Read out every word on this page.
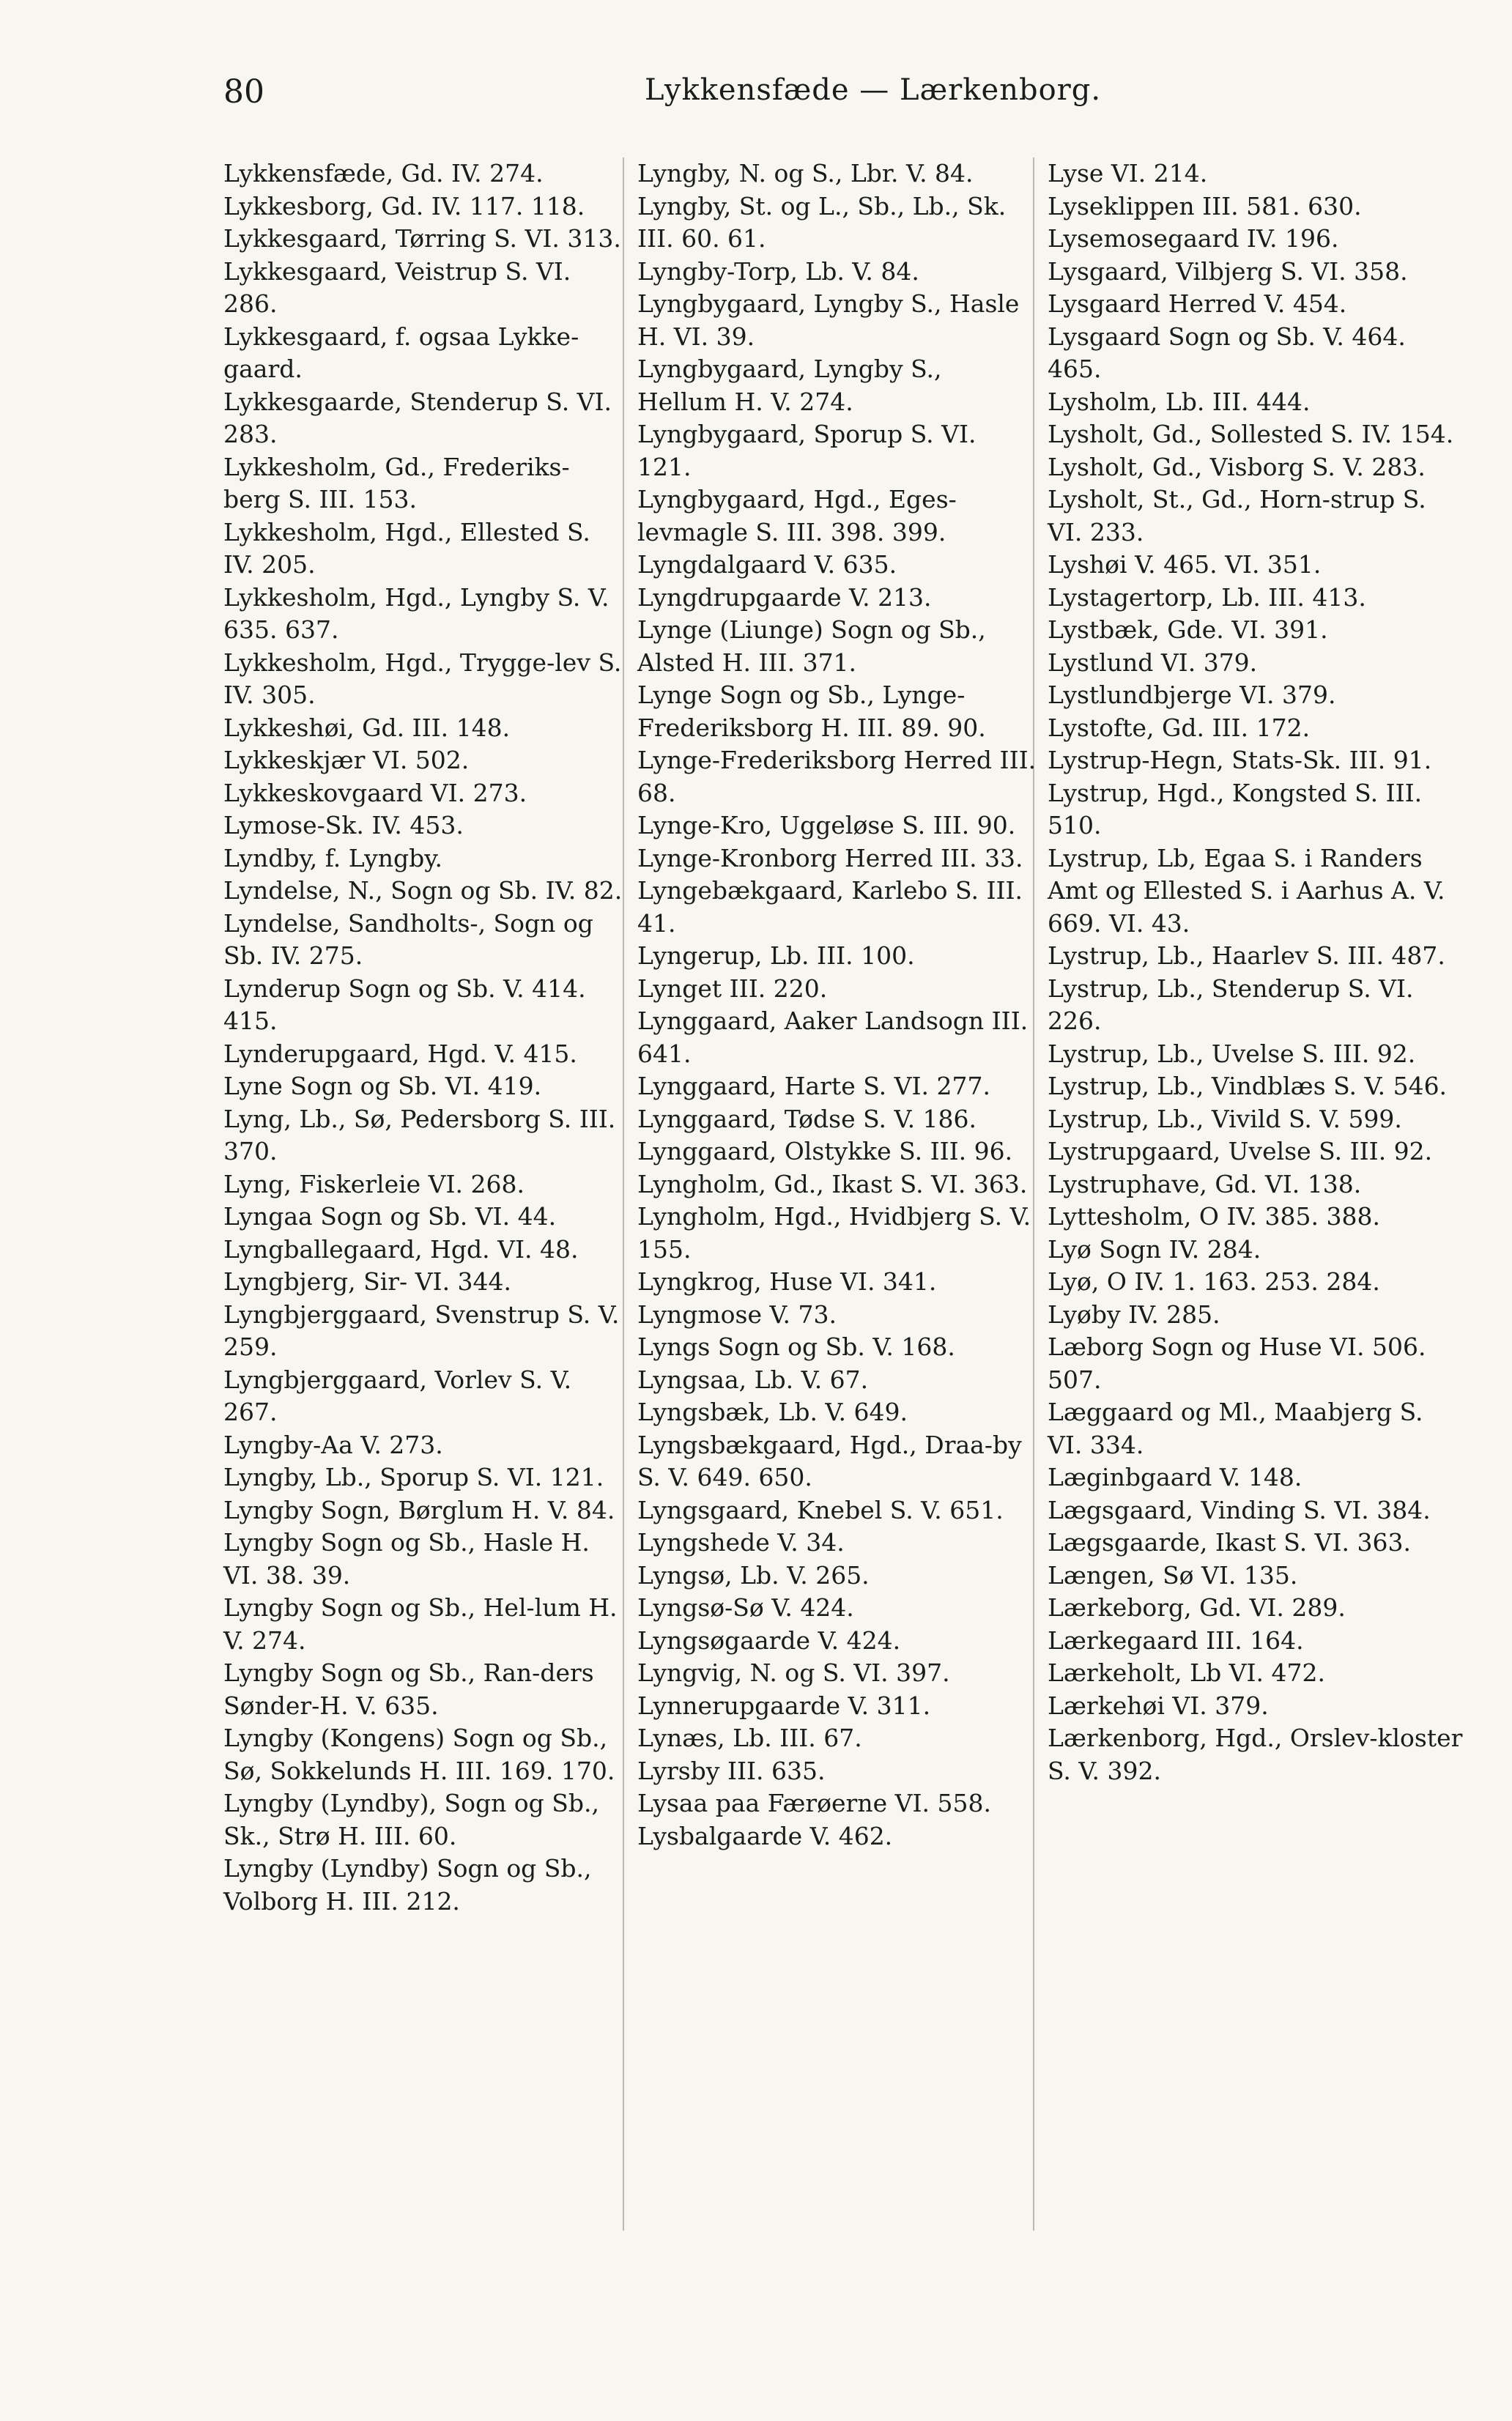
80	Lykkensfæde — Lærkenborg.

Lykkensfæde, Gd. IV. 274.

Lykkesborg, Gd. IV. 117. 118.

Lykkesgaard, Tørring S. VI. 313.

Lykkesgaard, Veistrup S. VI. 286.

Lykkesgaard, f. ogsaa Lykke-gaard.

Lykkesgaarde, Stenderup S. VI. 283.

Lykkesholm, Gd., Frederiks-berg S. III. 153.

Lykkesholm, Hgd., Ellested S. IV. 205.

Lykkesholm, Hgd., Lyngby S. V. 635. 637.

Lykkesholm, Hgd., Trygge-lev S. IV. 305.

Lykkeshøi, Gd. III. 148.

Lykkeskjær VI. 502.

Lykkeskovgaard VI. 273.

Lymose-Sk. IV. 453.

Lyndby, f. Lyngby.

Lyndelse, N., Sogn og Sb. IV. 82.

Lyndelse, Sandholts-, Sogn og Sb. IV. 275.

Lynderup Sogn og Sb. V. 414. 415.

Lynderupgaard, Hgd. V. 415.

Lyne Sogn og Sb. VI. 419.

Lyng, Lb., Sø, Pedersborg S. III. 370.

Lyng, Fiskerleie VI. 268.

Lyngaa Sogn og Sb. VI. 44.

Lyngballegaard, Hgd. VI. 48.

Lyngbjerg, Sir- VI. 344.

Lyngbjerggaard, Svenstrup S. V. 259.

Lyngbjerggaard, Vorlev S. V. 267.

Lyngby-Aa V. 273.

Lyngby, Lb., Sporup S. VI. 121.

Lyngby Sogn, Børglum H. V. 84.

Lyngby Sogn og Sb., Hasle H. VI. 38. 39.

Lyngby Sogn og Sb., Hel-lum H. V. 274.

Lyngby Sogn og Sb., Ran-ders Sønder-H. V. 635.

Lyngby (Kongens) Sogn og Sb., Sø, Sokkelunds H. III. 169. 170.

Lyngby (Lyndby), Sogn og Sb., Sk., Strø H. III. 60.

Lyngby (Lyndby) Sogn og Sb., Volborg H. III. 212.

Lyngby, N. og S., Lbr. V. 84.

Lyngby, St. og L., Sb., Lb., Sk. III. 60. 61.

Lyngby-Torp, Lb. V. 84.

Lyngbygaard, Lyngby S., Hasle H. VI. 39.

Lyngbygaard, Lyngby S., Hellum H. V. 274.

Lyngbygaard, Sporup S. VI. 121.

Lyngbygaard, Hgd., Eges-levmagle S. III. 398. 399.

Lyngdalgaard V. 635.

Lyngdrupgaarde V. 213.

Lynge (Liunge) Sogn og Sb., Alsted H. III. 371.

Lynge Sogn og Sb., Lynge-Frederiksborg H. III. 89. 90.

Lynge-Frederiksborg Herred III. 68.

Lynge-Kro, Uggeløse S. III. 90.

Lynge-Kronborg Herred III. 33.

Lyngebækgaard, Karlebo S. III. 41.

Lyngerup, Lb. III. 100.

Lynget III. 220.

Lynggaard, Aaker Landsogn III. 641.

Lynggaard, Harte S. VI. 277.

Lynggaard, Tødse S. V. 186.

Lynggaard, Olstykke S. III. 96.

Lyngholm, Gd., Ikast S. VI. 363.

Lyngholm, Hgd., Hvidbjerg S. V. 155.

Lyngkrog, Huse VI. 341.

Lyngmose V. 73.

Lyngs Sogn og Sb. V. 168.

Lyngsaa, Lb. V. 67.

Lyngsbæk, Lb. V. 649.

Lyngsbækgaard, Hgd., Draa-by S. V. 649. 650.

Lyngsgaard, Knebel S. V. 651.

Lyngshede V. 34.

Lyngsø, Lb. V. 265.

Lyngsø-Sø V. 424.

Lyngsøgaarde V. 424.

Lyngvig, N. og S. VI. 397.

Lynnerupgaarde V. 311.

Lynæs, Lb. III. 67.

Lyrsby III. 635.

Lysaa paa Færøerne VI. 558.

Lysbalgaarde V. 462.

Lyse VI. 214.

Lyseklippen III. 581. 630.

Lysemosegaard IV. 196.

Lysgaard, Vilbjerg S. VI. 358.

Lysgaard Herred V. 454.

Lysgaard Sogn og Sb. V. 464. 465.

Lysholm, Lb. III. 444.

Lysholt, Gd., Sollested S. IV. 154.

Lysholt, Gd., Visborg S. V. 283.

Lysholt, St., Gd., Horn-strup S. VI. 233.

Lyshøi V. 465. VI. 351.

Lystagertorp, Lb. III. 413.

Lystbæk, Gde. VI. 391.

Lystlund VI. 379.

Lystlundbjerge VI. 379.

Lystofte, Gd. III. 172.

Lystrup-Hegn, Stats-Sk. III. 91.

Lystrup, Hgd., Kongsted S. III. 510.

Lystrup, Lb, Egaa S. i Randers Amt og Ellested S. i Aarhus A. V. 669. VI. 43.

Lystrup, Lb., Haarlev S. III. 487.

Lystrup, Lb., Stenderup S. VI. 226.

Lystrup, Lb., Uvelse S. III. 92.

Lystrup, Lb., Vindblæs S. V. 546.

Lystrup, Lb., Vivild S. V. 599.

Lystrupgaard, Uvelse S. III. 92.

Lystruphave, Gd. VI. 138.

Lyttesholm, O IV. 385. 388.

Lyø Sogn IV. 284.

Lyø, O IV. 1. 163. 253. 284.

Lyøby IV. 285.

Læborg Sogn og Huse VI. 506. 507.

Læggaard og Ml., Maabjerg S. VI. 334.

Læginbgaard V. 148.

Lægsgaard, Vinding S. VI. 384.

Lægsgaarde, Ikast S. VI. 363.

Længen, Sø VI. 135.

Lærkeborg, Gd. VI. 289.

Lærkegaard III. 164.

Lærkeholt, Lb VI. 472.

Lærkehøi VI. 379.

Lærkenborg, Hgd., Orslev-kloster S. V. 392.
